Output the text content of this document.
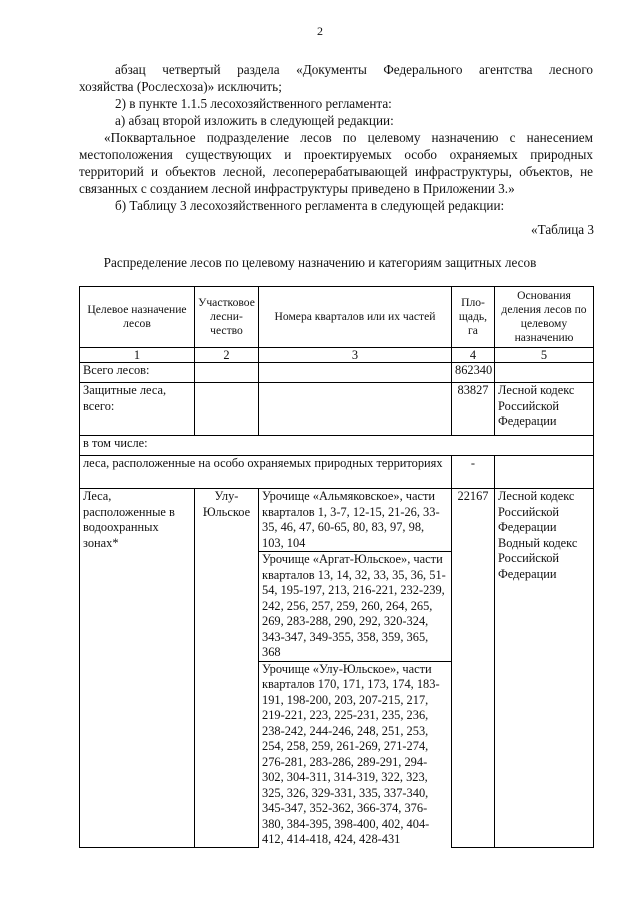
2
абзац четвертый раздела «Документы Федерального агентства лесного
хозяйства (Рослесхоза)» исключить;
2) в пункте 1.1.5 лесохозяйственного регламента:
а) абзац второй изложить в следующей редакции:
«Поквартальное подразделение лесов по целевому назначению с нанесением
местоположения существующих и проектируемых особо охраняемых природных
территорий и объектов лесной, лесоперерабатывающей инфраструктуры, объектов, не
связанных с созданием лесной инфраструктуры приведено в Приложении 3.»
б) Таблицу 3 лесохозяйственного регламента в следующей редакции:
«Таблица 3
Распределение лесов по целевому назначению и категориям защитных лесов
Целевое назначение лесов	Участковое лесни-чество	Номера кварталов или их частей	Пло-щадь, га	Основания деления лесов по целевому назначению
1	2	3	4	5
Всего лесов:			862340	
Защитные леса, всего:			83827	Лесной кодекс Российской Федерации
в том числе:				
леса, расположенные на особо охраняемых природных территориях			-	
Леса, расположенные в водоохранных зонах*	Улу-Юльское	Урочище «Альмяковское», части кварталов 1, 3-7, 12-15, 21-26, 33-35, 46, 47, 60-65, 80, 83, 97, 98, 103, 104	22167	Лесной кодекс Российской Федерации Водный кодекс Российской Федерации
		Урочище «Аргат-Юльское», части кварталов 13, 14, 32, 33, 35, 36, 51-54, 195-197, 213, 216-221, 232-239, 242, 256, 257, 259, 260, 264, 265, 269, 283-288, 290, 292, 320-324, 343-347, 349-355, 358, 359, 365, 368		
		Урочище «Улу-Юльское», части кварталов 170, 171, 173, 174, 183-191, 198-200, 203, 207-215, 217, 219-221, 223, 225-231, 235, 236, 238-242, 244-246, 248, 251, 253, 254, 258, 259, 261-269, 271-274, 276-281, 283-286, 289-291, 294-302, 304-311, 314-319, 322, 323, 325, 326, 329-331, 335, 337-340, 345-347, 352-362, 366-374, 376-380, 384-395, 398-400, 402, 404-412, 414-418, 424, 428-431		
